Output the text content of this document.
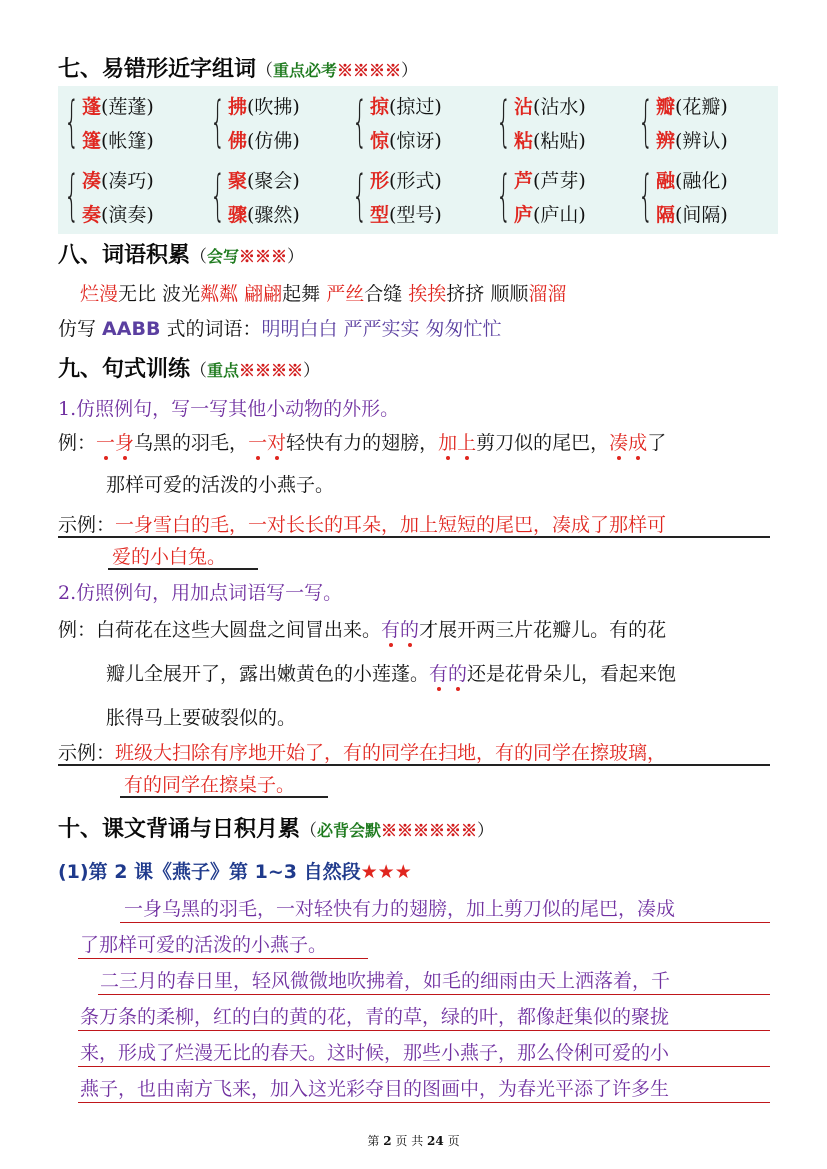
七、易错形近字组词（重点必考※※※※）
{ 蓬(莲蓬)
篷(帐篷) { 拂(吹拂)
佛(仿佛) { 掠(掠过)
惊(惊讶) { 沾(沾水)
粘(粘贴) { 瓣(花瓣)
辨(辨认)
{ 凑(凑巧)
奏(演奏) { 聚(聚会)
骤(骤然) { 形(形式)
型(型号) { 芦(芦芽)
庐(庐山) { 融(融化)
隔(间隔)
八、词语积累（会写※※※）
烂漫无比 波光粼粼 翩翩起舞 严丝合缝 挨挨挤挤 顺顺溜溜
仿写 AABB 式的词语：明明白白 严严实实 匆匆忙忙
九、句式训练（重点※※※※）
1.仿照例句，写一写其他小动物的外形。
例：一身乌黑的羽毛，一对轻快有力的翅膀，加上剪刀似的尾巴，凑成了
那样可爱的活泼的小燕子。
示例：一身雪白的毛，一对长长的耳朵，加上短短的尾巴，凑成了那样可
爱的小白兔。
2.仿照例句，用加点词语写一写。
例：白荷花在这些大圆盘之间冒出来。有的才展开两三片花瓣儿。有的花
瓣儿全展开了，露出嫩黄色的小莲蓬。有的还是花骨朵儿，看起来饱
胀得马上要破裂似的。
示例：班级大扫除有序地开始了，有的同学在扫地，有的同学在擦玻璃，
有的同学在擦桌子。
十、课文背诵与日积月累（必背会默※※※※※※）
(1)第 2 课《燕子》第 1~3 自然段★★★
一身乌黑的羽毛，一对轻快有力的翅膀，加上剪刀似的尾巴，凑成
了那样可爱的活泼的小燕子。
二三月的春日里，轻风微微地吹拂着，如毛的细雨由天上洒落着，千
条万条的柔柳，红的白的黄的花，青的草，绿的叶，都像赶集似的聚拢
来，形成了烂漫无比的春天。这时候，那些小燕子，那么伶俐可爱的小
燕子，也由南方飞来，加入这光彩夺目的图画中，为春光平添了许多生
第 2 页 共 24 页
